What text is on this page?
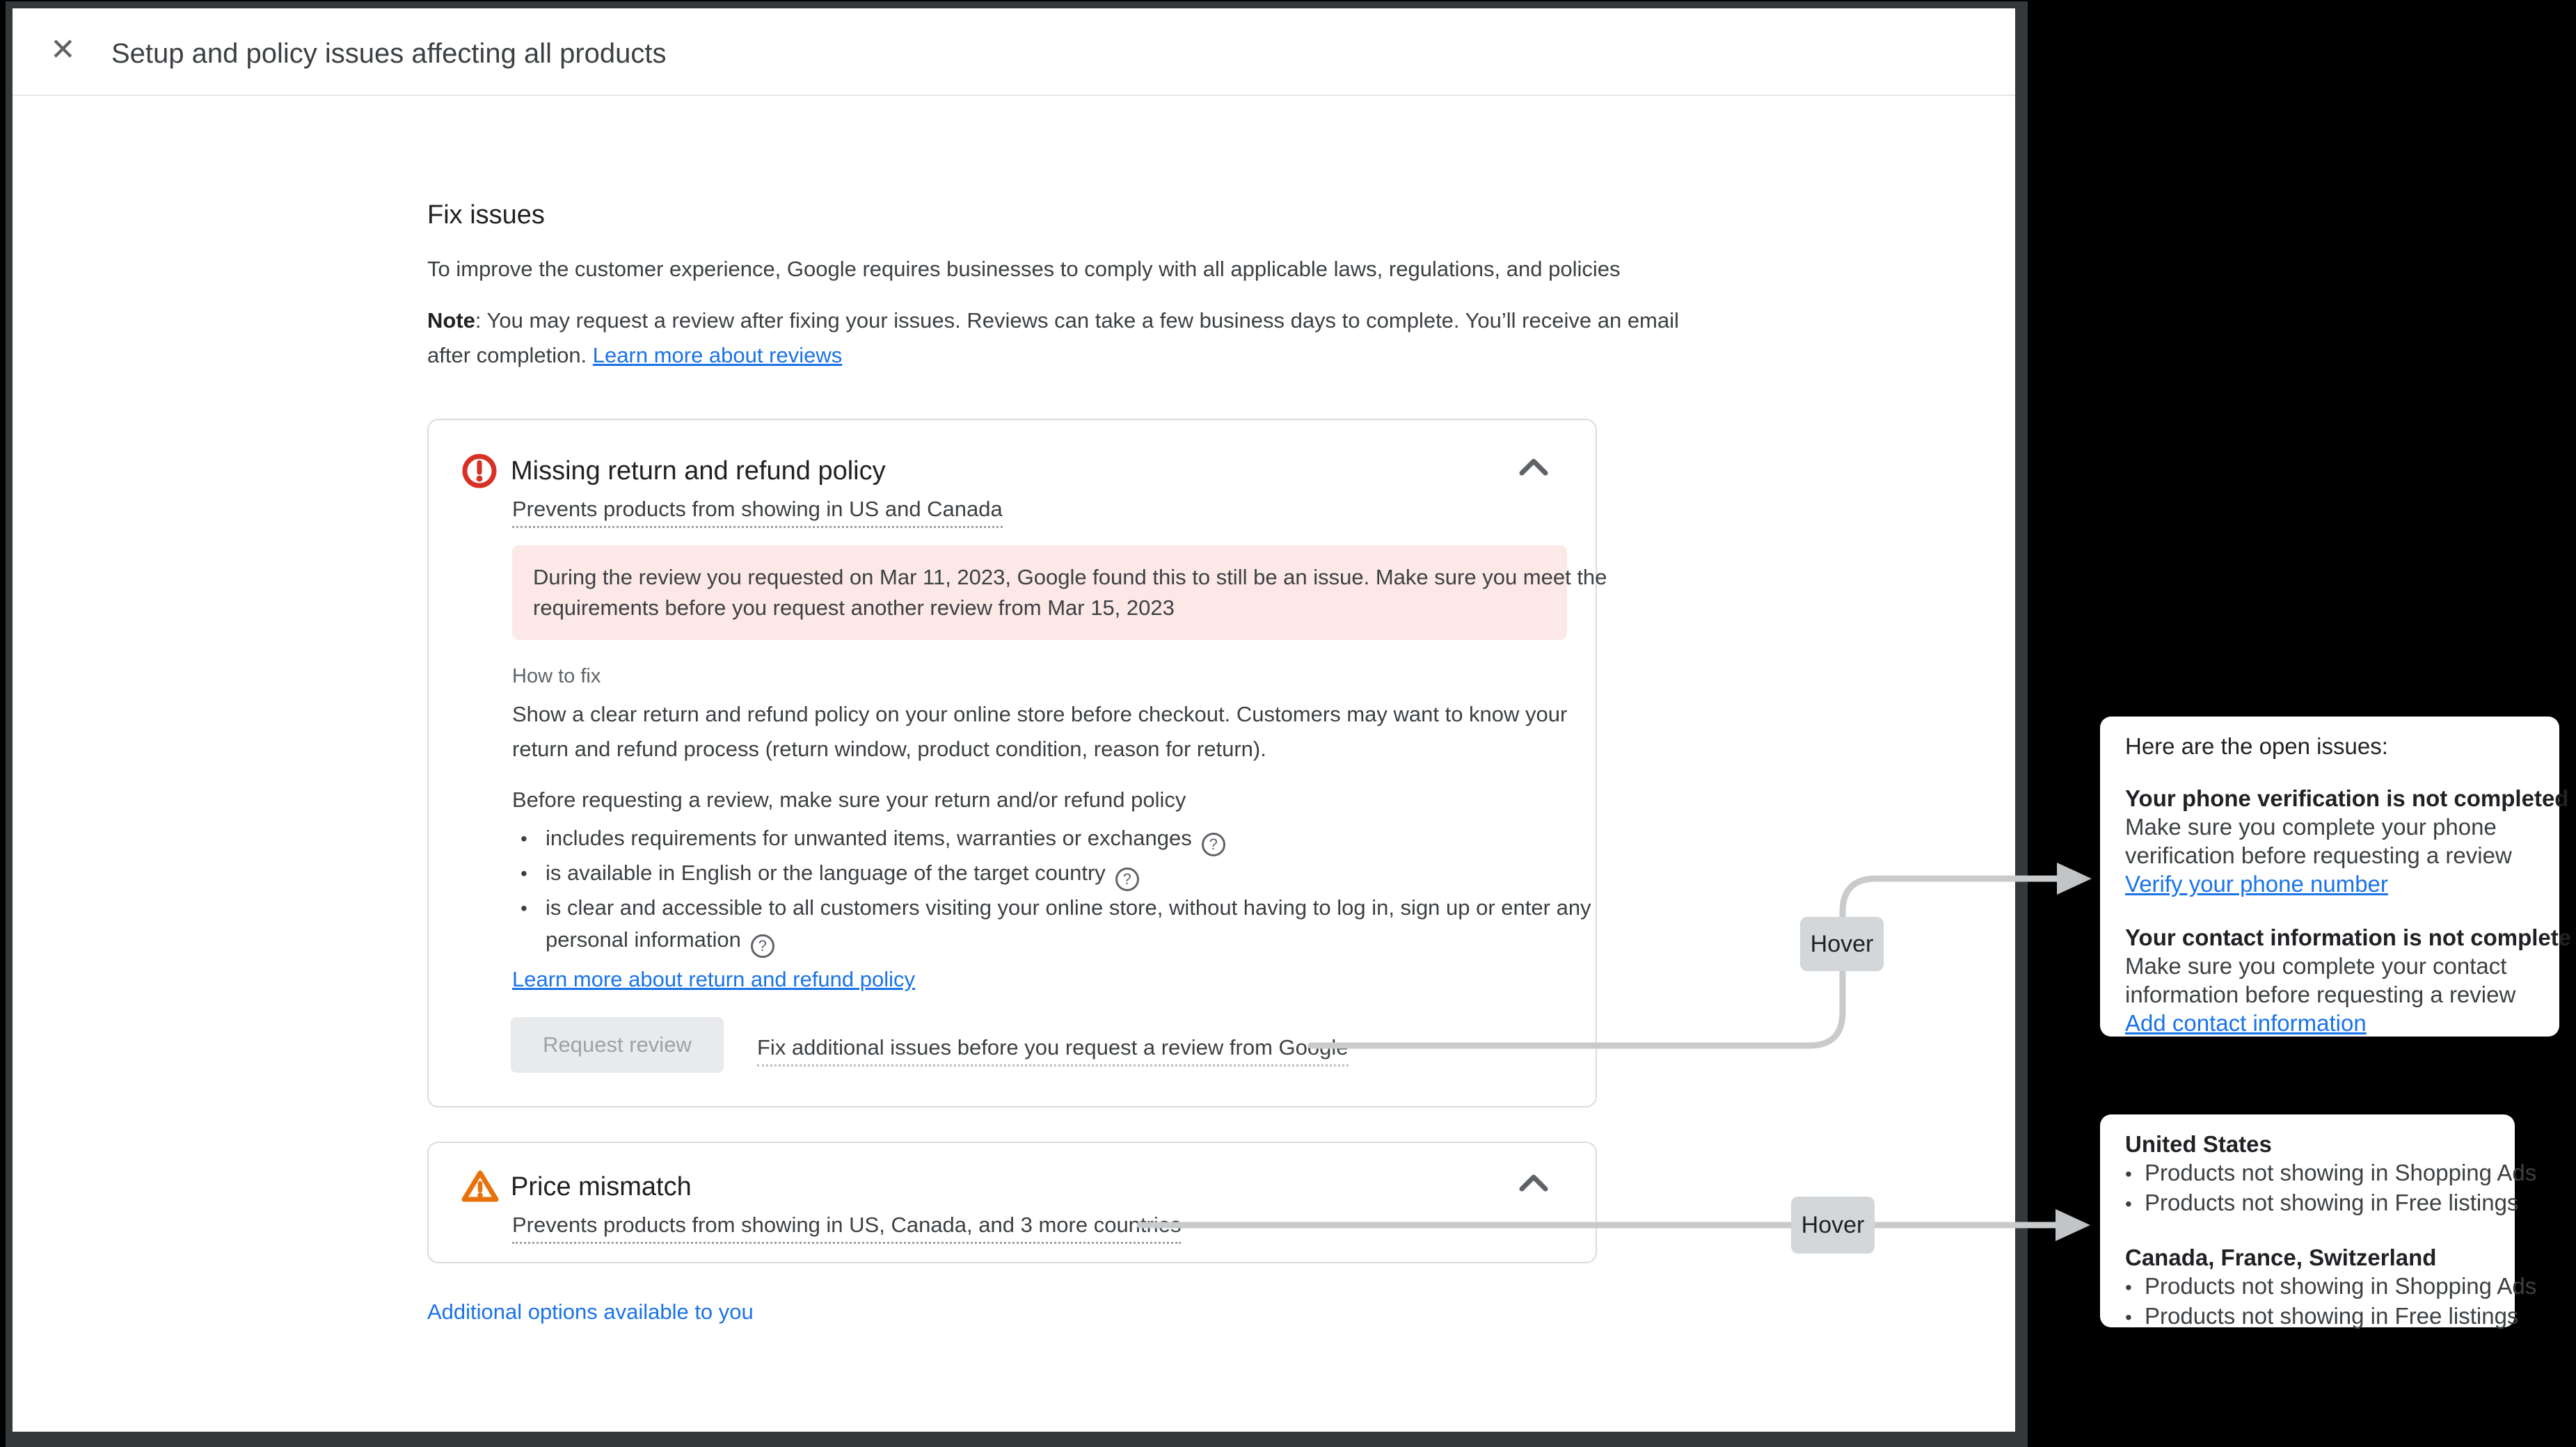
✕ Setup and policy issues affecting all products
Fix issues
To improve the customer experience, Google requires businesses to comply with all applicable laws, regulations, and policies
Note: You may request a review after fixing your issues. Reviews can take a few business days to complete. You’ll receive an email
after completion. Learn more about reviews
Missing return and refund policy
Prevents products from showing in US and Canada
During the review you requested on Mar 11, 2023, Google found this to still be an issue. Make sure you meet the
requirements before you request another review from Mar 15, 2023
How to fix
Show a clear return and refund policy on your online store before checkout. Customers may want to know your
return and refund process (return window, product condition, reason for return).
Before requesting a review, make sure your return and/or refund policy
• includes requirements for unwanted items, warranties or exchanges ?
• is available in English or the language of the target country ?
• is clear and accessible to all customers visiting your online store, without having to log in, sign up or enter any
personal information ?
Learn more about return and refund policy
Request review	Fix additional issues before you request a review from Google
Price mismatch
Prevents products from showing in US, Canada, and 3 more countries
Additional options available to you
Hover
Hover
Here are the open issues:
Your phone verification is not completed
Make sure you complete your phone
verification before requesting a review
Verify your phone number
Your contact information is not complete
Make sure you complete your contact
information before requesting a review
Add contact information
United States
• Products not showing in Shopping Ads
• Products not showing in Free listings
Canada, France, Switzerland
• Products not showing in Shopping Ads
• Products not showing in Free listings
